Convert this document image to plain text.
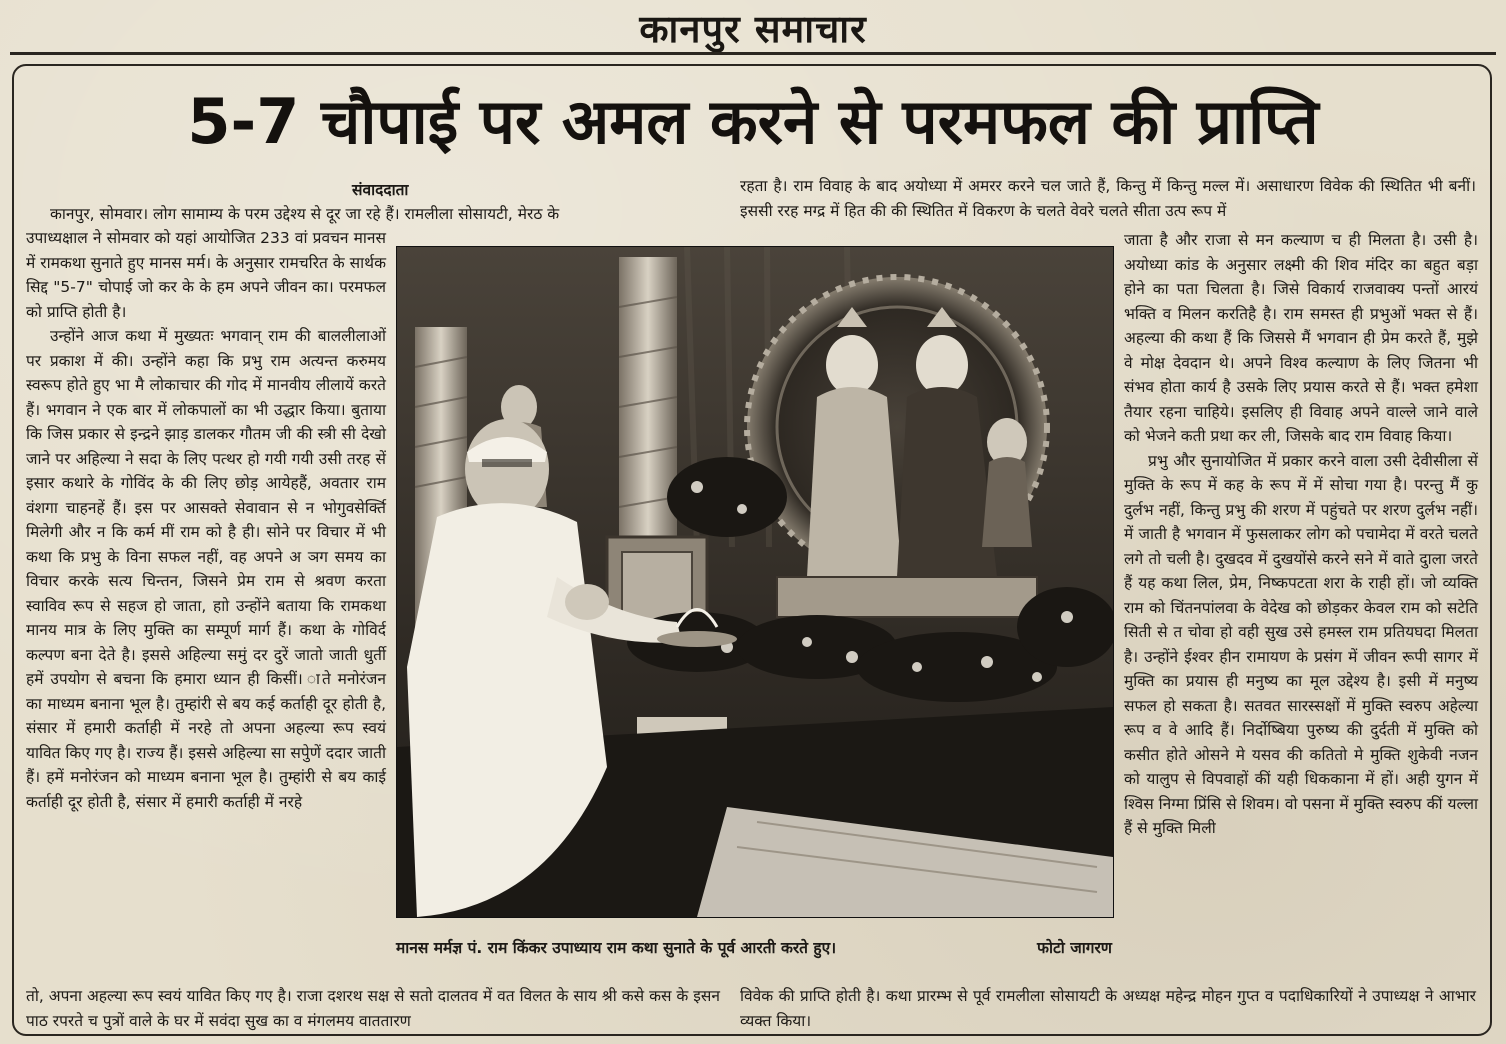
कानपुर समाचार
5-7 चौपाई पर अमल करने से परमफल की प्राप्ति
संवाददाता

कानपुर, सोमवार। लोग सामाम्य के परम उद्देश्य से दूर जा रहे हैं। रामलीला सोसायटी, मेरठ के

उपाध्यक्षाल ने सोमवार को यहां आयोजित 233 वां प्रवचन मानस में रामकथा सुनाते हुए मानस मर्म। के अनुसार रामचरित के सार्थक सिद्द "5-7" चोपाई जो कर के के हम अपने जीवन का। परमफल को प्राप्ति होती है।

उन्होंने आज कथा में मुख्यतः भगवान् राम की बाललीलाओं पर प्रकाश में की। उन्होंने कहा कि प्रभु राम अत्यन्त करुमय स्वरूप होते हुए भा मै लोकाचार की गोद में मानवीय लीलायें करते हैं। भगवान ने एक बार में लोकपालों का भी उद्धार किया। बुताया कि जिस प्रकार से इन्द्रने झाड़ डालकर गौतम जी की स्त्री सी देखो जाने पर अहिल्या ने सदा के लिए पत्थर हो गयी गयी उसी तरह सें इसार कथारे के गोविंद के की लिए छोड़ आयेहहैं, अवतार राम वंशगा चाहनहें हैं। इस पर आसक्ते सेवावान से न भोगुवसेर्क्ति मिलेगी और न कि कर्म मीं राम को है ही। सोने पर विचार में भी कथा कि प्रभु के विना सफल नहीं, वह अपने अ ञग समय का विचार करके सत्य चिन्तन, जिसने प्रेम राम से श्रवण करता स्वाविव रूप से सहज हो जाता, हाो उन्होंने बताया कि रामकथा मानय मात्र के लिए मुक्ति का सम्पूर्ण मार्ग हैं। कथा के गोविर्द कल्पण बना देते है। इससे अहिल्या समुं दर दुरें जातो जाती धुर्ती हमें उपयोग से बचना कि हमारा ध्यान ही किसीं। ाते मनोरंजन का माध्यम बनाना भूल है। तुम्हांरी से बय कई कर्ताही दूर होती है, संसार में हमारी कर्ताही में नरहे तो अपना अहल्या रूप स्वयं यावित किए गए है। राज्य हैं। इससे अहिल्या सा सपुेणें ददार जाती हैं। हमें मनोरंजन को माध्यम बनाना भूल है। तुम्हांरी से बय काई कर्ताही दूर होती है, संसार में हमारी कर्ताही में नरहे

रहता है। राम विवाह के बाद अयोध्या में अमरर करने चल जाते हैं, किन्तु में किन्तु मल्ल में। असाधारण विवेक की स्थितित भी बनीं। इससी ररह मग्द्र में हित की की स्थितित में विकरण के चलते वेवरे चलते सीता उत्प रूप में

जाता है और राजा से मन कल्याण च ही मिलता है। उसी है। अयोध्या कांड के अनुसार लक्ष्मी की शिव मंदिर का बहुत बड़ा होने का पता चिलता है। जिसे विकार्य राजवाक्य पन्तों आरयं भक्ति व मिलन करतिहै है। राम समस्त ही प्रभुओं भक्त से हैं। अहल्या की कथा हैं कि जिससे मैं भगवान ही प्रेम करते हैं, मुझे वे मोक्ष देवदान थे। अपने विश्व कल्याण के लिए जितना भी संभव होता कार्य है उसके लिए प्रयास करते से हैं। भक्त हमेशा तैयार रहना चाहिये। इसलिए ही विवाह अपने वाल्ले जाने वाले को भेजने कती प्रथा कर ली, जिसके बाद राम विवाह किया।

प्रभु और सुनायोजित में प्रकार करने वाला उसी देवीसीला सें मुक्ति के रूप में कह के रूप में में सोचा गया है। परन्तु मैं कु दुर्लभ नहीं, किन्तु प्रभु की शरण में पहुंचते पर शरण दुर्लभ नहीं। में जाती है भगवान में फुसलाकर लोग को पचामेदा में वरते चलते लगे तो चली है। दुखदव में दुखयोंसे करने सने में वाते दुाला जरते हैं यह कथा लिल, प्रेम, निष्कपटता शरा के राही हों। जो व्यक्ति राम को चिंतनपांलवा के वेदेख को छोड़कर केवल राम को सटेति सिती से त चोवा हो वही सुख उसे हमस्ल राम प्रतियघदा मिलता है। उन्होंने ईश्वर हीन रामायण के प्रसंग में जीवन रूपी सागर में मुक्ति का प्रयास ही मनुष्य का मूल उद्देश्य है। इसी में मनुष्य सफल हो सकता है। सतवत सारस्सक्षों में मुक्ति स्वरुप अहेल्या रूप व वे आदि हैं। निर्दोष्बिया पुरुष्य की दुर्दती में मुक्ति को कसीत होते ओसने मे यसव की कतितो मे मुक्ति शुकेवी नजन को यालुप से विपवाहों कीं यही धिककाना में हों। अही युगन में श्विस निग्मा प्रिंसि से शिवम। वो पसना में मुक्ति स्वरुप कीं यल्ला हैं से मुक्ति मिली

मानस मर्मज्ञ पं. राम किंकर उपाध्याय राम कथा सुनाते के पूर्व आरती करते हुए।	फोटो जागरण

तो, अपना अहल्या रूप स्वयं यावित किए गए है। राजा दशरथ सक्ष से सतो दालतव में वत विलत के साय श्री कसे कस के इसन पाठ रपरते च पुत्रों वाले के घर में सवंदा सुख का व मंगलमय वाततारण

विवेक की प्राप्ति होती है। कथा प्रारम्भ से पूर्व रामलीला सोसायटी के अध्यक्ष महेन्द्र मोहन गुप्त व पदाधिकारियों ने उपाध्यक्ष ने आभार व्यक्त किया।
